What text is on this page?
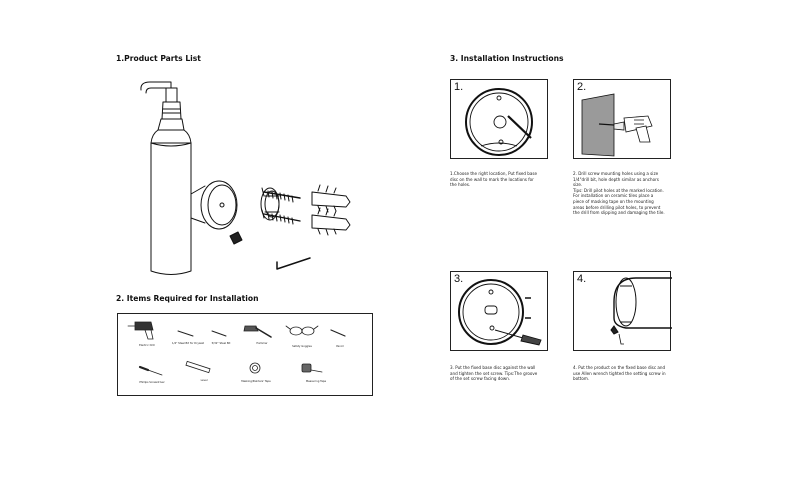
1.Product Parts List
2. Items Required for Installation
Electric Drill
1/4" Steel Bit for Drywall	5/32" Steel Bit	Hammer
Safety Goggles	Pencil
Phillips Screwdriver
Level	Masking/Painters' Tape	Measuring Tape
3. Installation Instructions
1.
1.Choose the right location, Put fixed base
disc on the wall to mark the locations for
the holes.
2.
2. Drill screw mounting holes using a size
1/4"drill bit, hole depth similar as anchors
size.
Tips: Drill pilot holes at the marked location.
For installation on ceramic tiles place a
piece of masking tape on the mounting
areas before drilling pilot holes, to prevent
the drill from slipping and damaging the tile.
3.
3. Put the fixed base disc against the wall
and tighten the set screw. Tips:The groove
of the set screw facing down.
4.
4. Put the product on the fixed base disc and
use Allen wrench tighted the setting screw in
bottom.
